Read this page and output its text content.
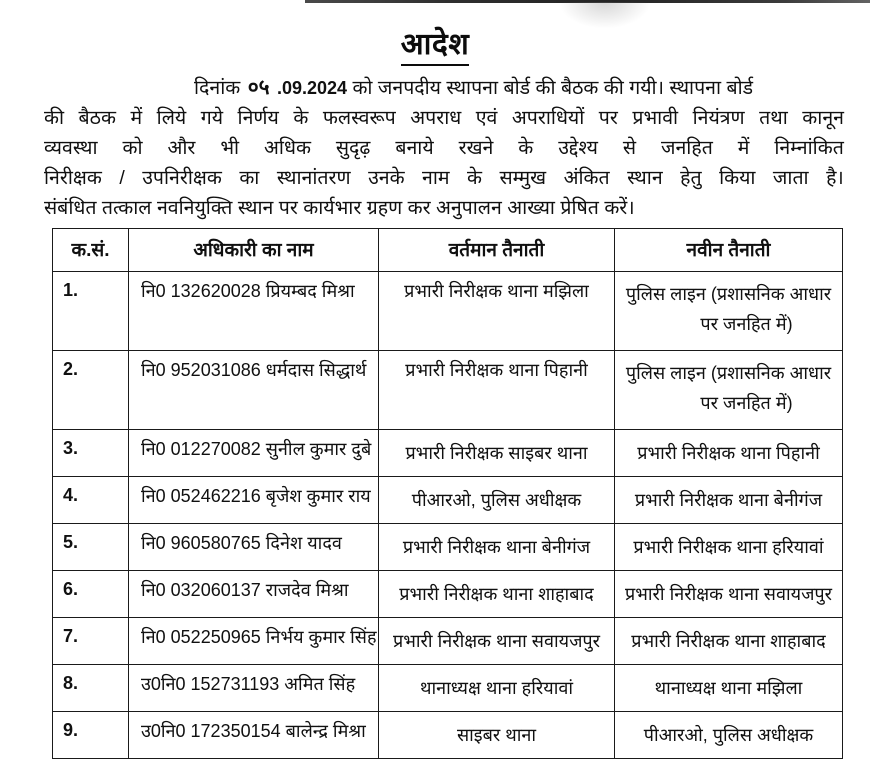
आदेश
दिनांक ०५ .09.2024 को जनपदीय स्थापना बोर्ड की बैठक की गयी। स्थापना बोर्ड
की बैठक में लिये गये निर्णय के फलस्वरूप अपराध एवं अपराधियों पर प्रभावी नियंत्रण तथा कानून
व्यवस्था को और भी अधिक सुदृढ़ बनाये रखने के उद्देश्य से जनहित में निम्नांकित
निरीक्षक / उपनिरीक्षक का स्थानांतरण उनके नाम के सम्मुख अंकित स्थान हेतु किया जाता है।
संबंधित तत्काल नवनियुक्ति स्थान पर कार्यभार ग्रहण कर अनुपालन आख्या प्रेषित करें।
क.सं.	अधिकारी का नाम	वर्तमान तैनाती	नवीन तैनाती
1.	नि0 132620028 प्रियम्बद मिश्रा	प्रभारी निरीक्षक थाना मझिला	पुलिस लाइन (प्रशासनिक आधार
पर जनहित में)

2.	नि0 952031086 धर्मदास सिद्धार्थ	प्रभारी निरीक्षक थाना पिहानी	पुलिस लाइन (प्रशासनिक आधार
पर जनहित में)

3.	नि0 012270082 सुनील कुमार दुबे	प्रभारी निरीक्षक साइबर थाना	प्रभारी निरीक्षक थाना पिहानी
4.	नि0 052462216 बृजेश कुमार राय	पीआरओ, पुलिस अधीक्षक	प्रभारी निरीक्षक थाना बेनीगंज
5.	नि0 960580765 दिनेश यादव	प्रभारी निरीक्षक थाना बेनीगंज	प्रभारी निरीक्षक थाना हरियावां
6.	नि0 032060137 राजदेव मिश्रा	प्रभारी निरीक्षक थाना शाहाबाद	प्रभारी निरीक्षक थाना सवायजपुर
7.	नि0 052250965 निर्भय कुमार सिंह	प्रभारी निरीक्षक थाना सवायजपुर	प्रभारी निरीक्षक थाना शाहाबाद
8.	उ0नि0 152731193 अमित सिंह	थानाध्यक्ष थाना हरियावां	थानाध्यक्ष थाना मझिला
9.	उ0नि0 172350154 बालेन्द्र मिश्रा	साइबर थाना	पीआरओ, पुलिस अधीक्षक
